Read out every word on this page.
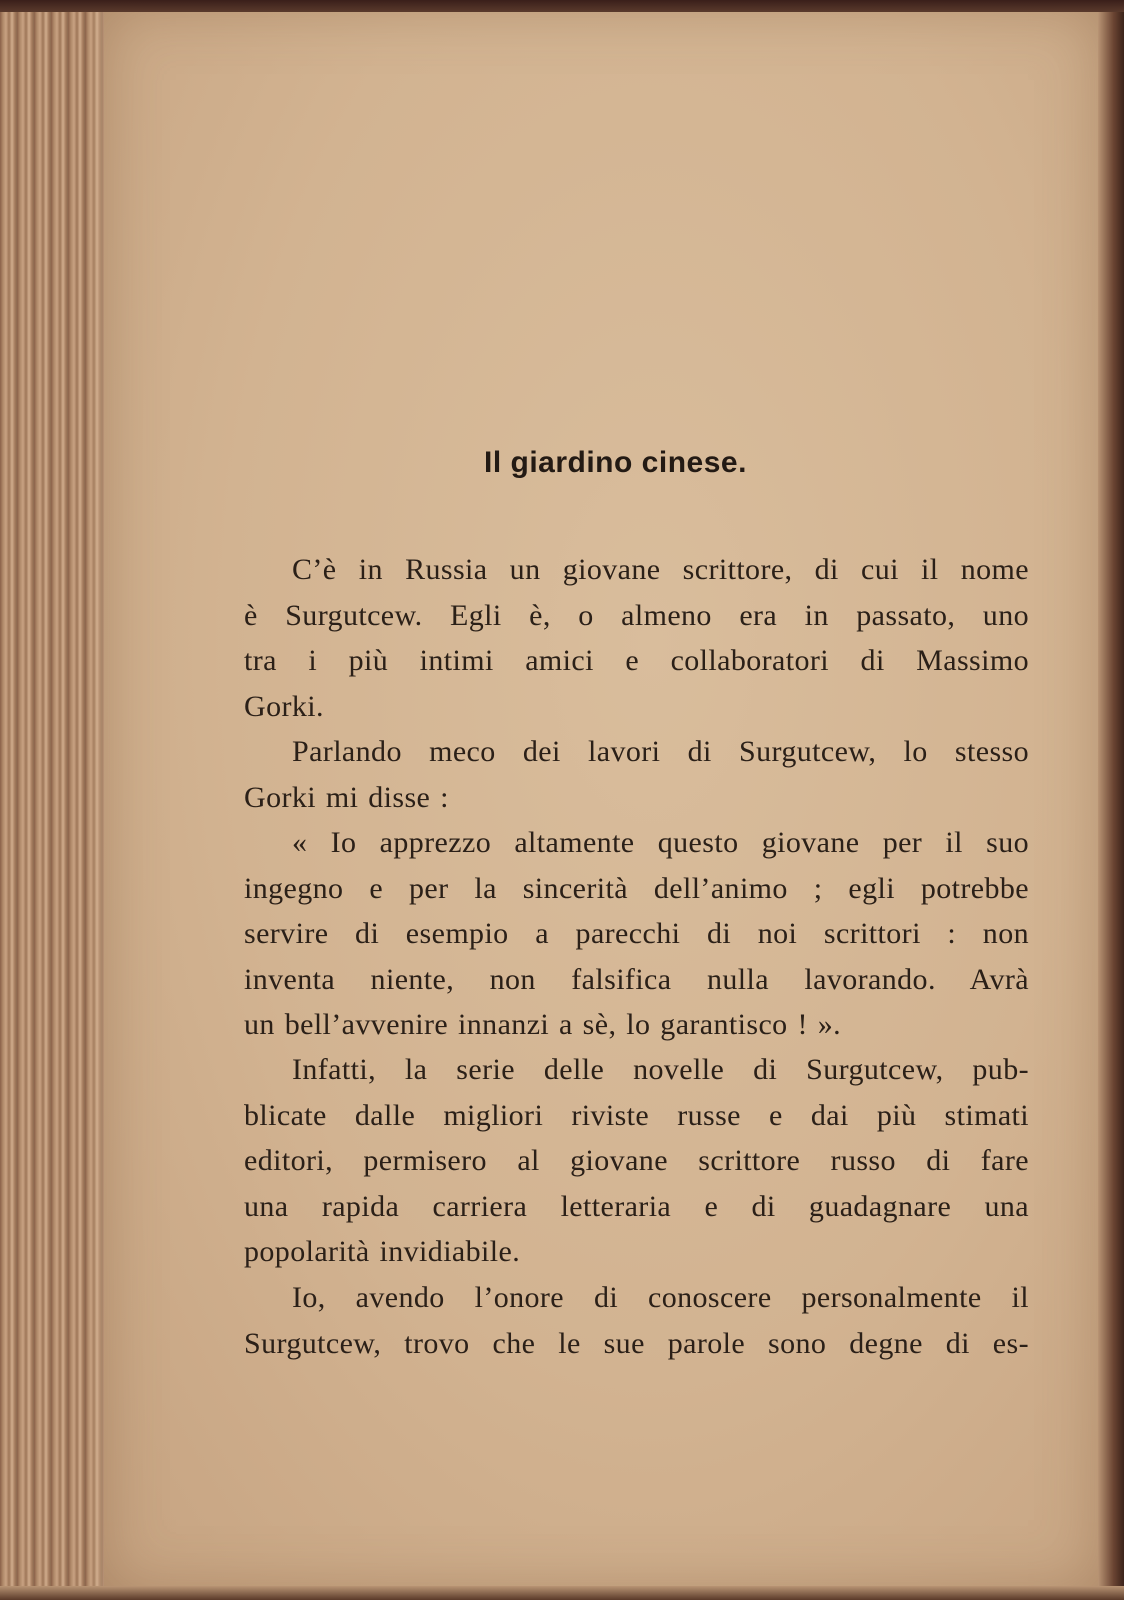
Il giardino cinese.
C’è in Russia un giovane scrittore, di cui il nome
è Surgutcew. Egli è, o almeno era in passato, uno
tra i più intimi amici e collaboratori di Massimo
Gorki.
Parlando meco dei lavori di Surgutcew, lo stesso
Gorki mi disse :
« Io apprezzo altamente questo giovane per il suo
ingegno e per la sincerità dell’animo ; egli potrebbe
servire di esempio a parecchi di noi scrittori : non
inventa niente, non falsifica nulla lavorando. Avrà
un bell’avvenire innanzi a sè, lo garantisco ! ».
Infatti, la serie delle novelle di Surgutcew, pub-
blicate dalle migliori riviste russe e dai più stimati
editori, permisero al giovane scrittore russo di fare
una rapida carriera letteraria e di guadagnare una
popolarità invidiabile.
Io, avendo l’onore di conoscere personalmente il
Surgutcew, trovo che le sue parole sono degne di es-
